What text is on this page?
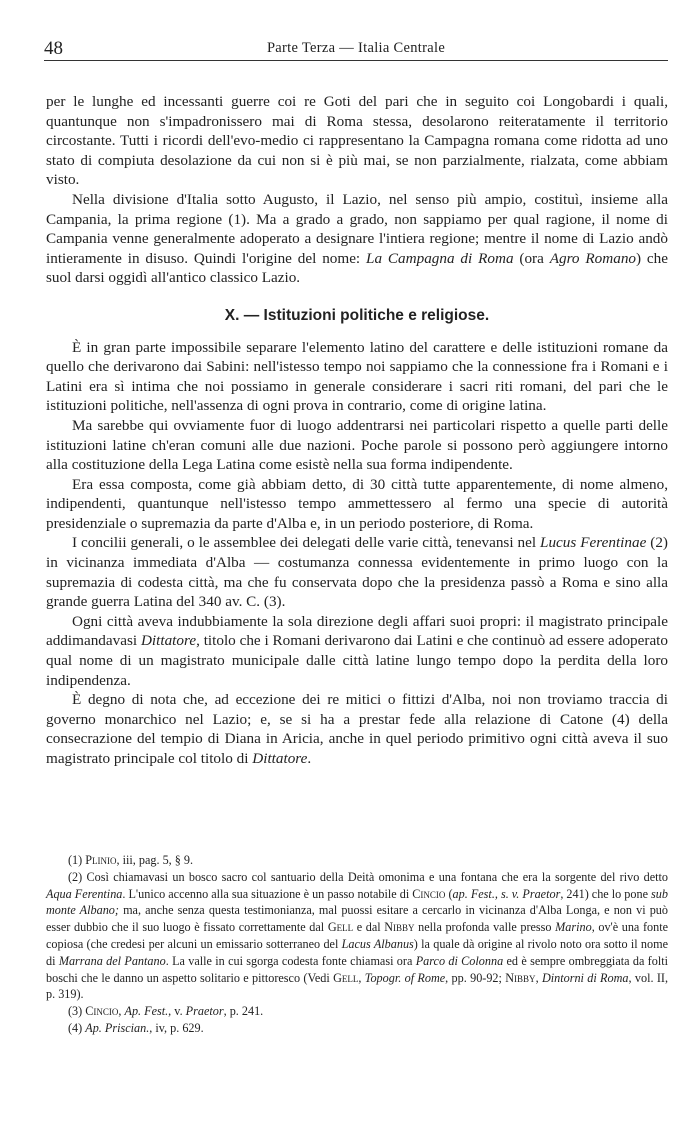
48	Parte Terza — Italia Centrale

per le lunghe ed incessanti guerre coi re Goti del pari che in seguito coi Longobardi i quali, quantunque non s'impadronissero mai di Roma stessa, desolarono reiteratamente il territorio circostante. Tutti i ricordi dell'evo-medio ci rappresentano la Campagna romana come ridotta ad uno stato di compiuta desolazione da cui non si è più mai, se non parzialmente, rialzata, come abbiam visto.

Nella divisione d'Italia sotto Augusto, il Lazio, nel senso più ampio, costituì, insieme alla Campania, la prima regione (1). Ma a grado a grado, non sappiamo per qual ragione, il nome di Campania venne generalmente adoperato a designare l'intiera regione; mentre il nome di Lazio andò intieramente in disuso. Quindi l'origine del nome: La Campagna di Roma (ora Agro Romano) che suol darsi oggidì all'antico classico Lazio.

X. — Istituzioni politiche e religiose.

È in gran parte impossibile separare l'elemento latino del carattere e delle istituzioni romane da quello che derivarono dai Sabini: nell'istesso tempo noi sappiamo che la connessione fra i Romani e i Latini era sì intima che noi possiamo in generale considerare i sacri riti romani, del pari che le istituzioni politiche, nell'assenza di ogni prova in contrario, come di origine latina.

Ma sarebbe qui ovviamente fuor di luogo addentrarsi nei particolari rispetto a quelle parti delle istituzioni latine ch'eran comuni alle due nazioni. Poche parole si possono però aggiungere intorno alla costituzione della Lega Latina come esistè nella sua forma indipendente.

Era essa composta, come già abbiam detto, di 30 città tutte apparentemente, di nome almeno, indipendenti, quantunque nell'istesso tempo ammettessero al fermo una specie di autorità presidenziale o supremazia da parte d'Alba e, in un periodo posteriore, di Roma.

I concilii generali, o le assemblee dei delegati delle varie città, tenevansi nel Lucus Ferentinae (2) in vicinanza immediata d'Alba — costumanza connessa evidentemente in primo luogo con la supremazia di codesta città, ma che fu conservata dopo che la presidenza passò a Roma e sino alla grande guerra Latina del 340 av. C. (3).

Ogni città aveva indubbiamente la sola direzione degli affari suoi propri: il magistrato principale addimandavasi Dittatore, titolo che i Romani derivarono dai Latini e che continuò ad essere adoperato qual nome di un magistrato municipale dalle città latine lungo tempo dopo la perdita della loro indipendenza.

È degno di nota che, ad eccezione dei re mitici o fittizi d'Alba, noi non troviamo traccia di governo monarchico nel Lazio; e, se si ha a prestar fede alla relazione di Catone (4) della consecrazione del tempio di Diana in Aricia, anche in quel periodo primitivo ogni città aveva il suo magistrato principale col titolo di Dittatore.

(1) Plinio, iii, pag. 5, § 9.

(2) Così chiamavasi un bosco sacro col santuario della Deità omonima e una fontana che era la sorgente del rivo detto Aqua Ferentina. L'unico accenno alla sua situazione è un passo notabile di Cincio (ap. Fest., s. v. Praetor, 241) che lo pone sub monte Albano; ma, anche senza questa testimonianza, mal puossi esitare a cercarlo in vicinanza d'Alba Longa, e non vi può esser dubbio che il suo luogo è fissato correttamente dal Gell e dal Nibby nella profonda valle presso Marino, ov'è una fonte copiosa (che credesi per alcuni un emissario sotterraneo del Lacus Albanus) la quale dà origine al rivolo noto ora sotto il nome di Marrana del Pantano. La valle in cui sgorga codesta fonte chiamasi ora Parco di Colonna ed è sempre ombreggiata da folti boschi che le danno un aspetto solitario e pittoresco (Vedi Gell, Topogr. of Rome, pp. 90-92; Nibby, Dintorni di Roma, vol. II, p. 319).

(3) Cincio, Ap. Fest., v. Praetor, p. 241.

(4) Ap. Priscian., iv, p. 629.
